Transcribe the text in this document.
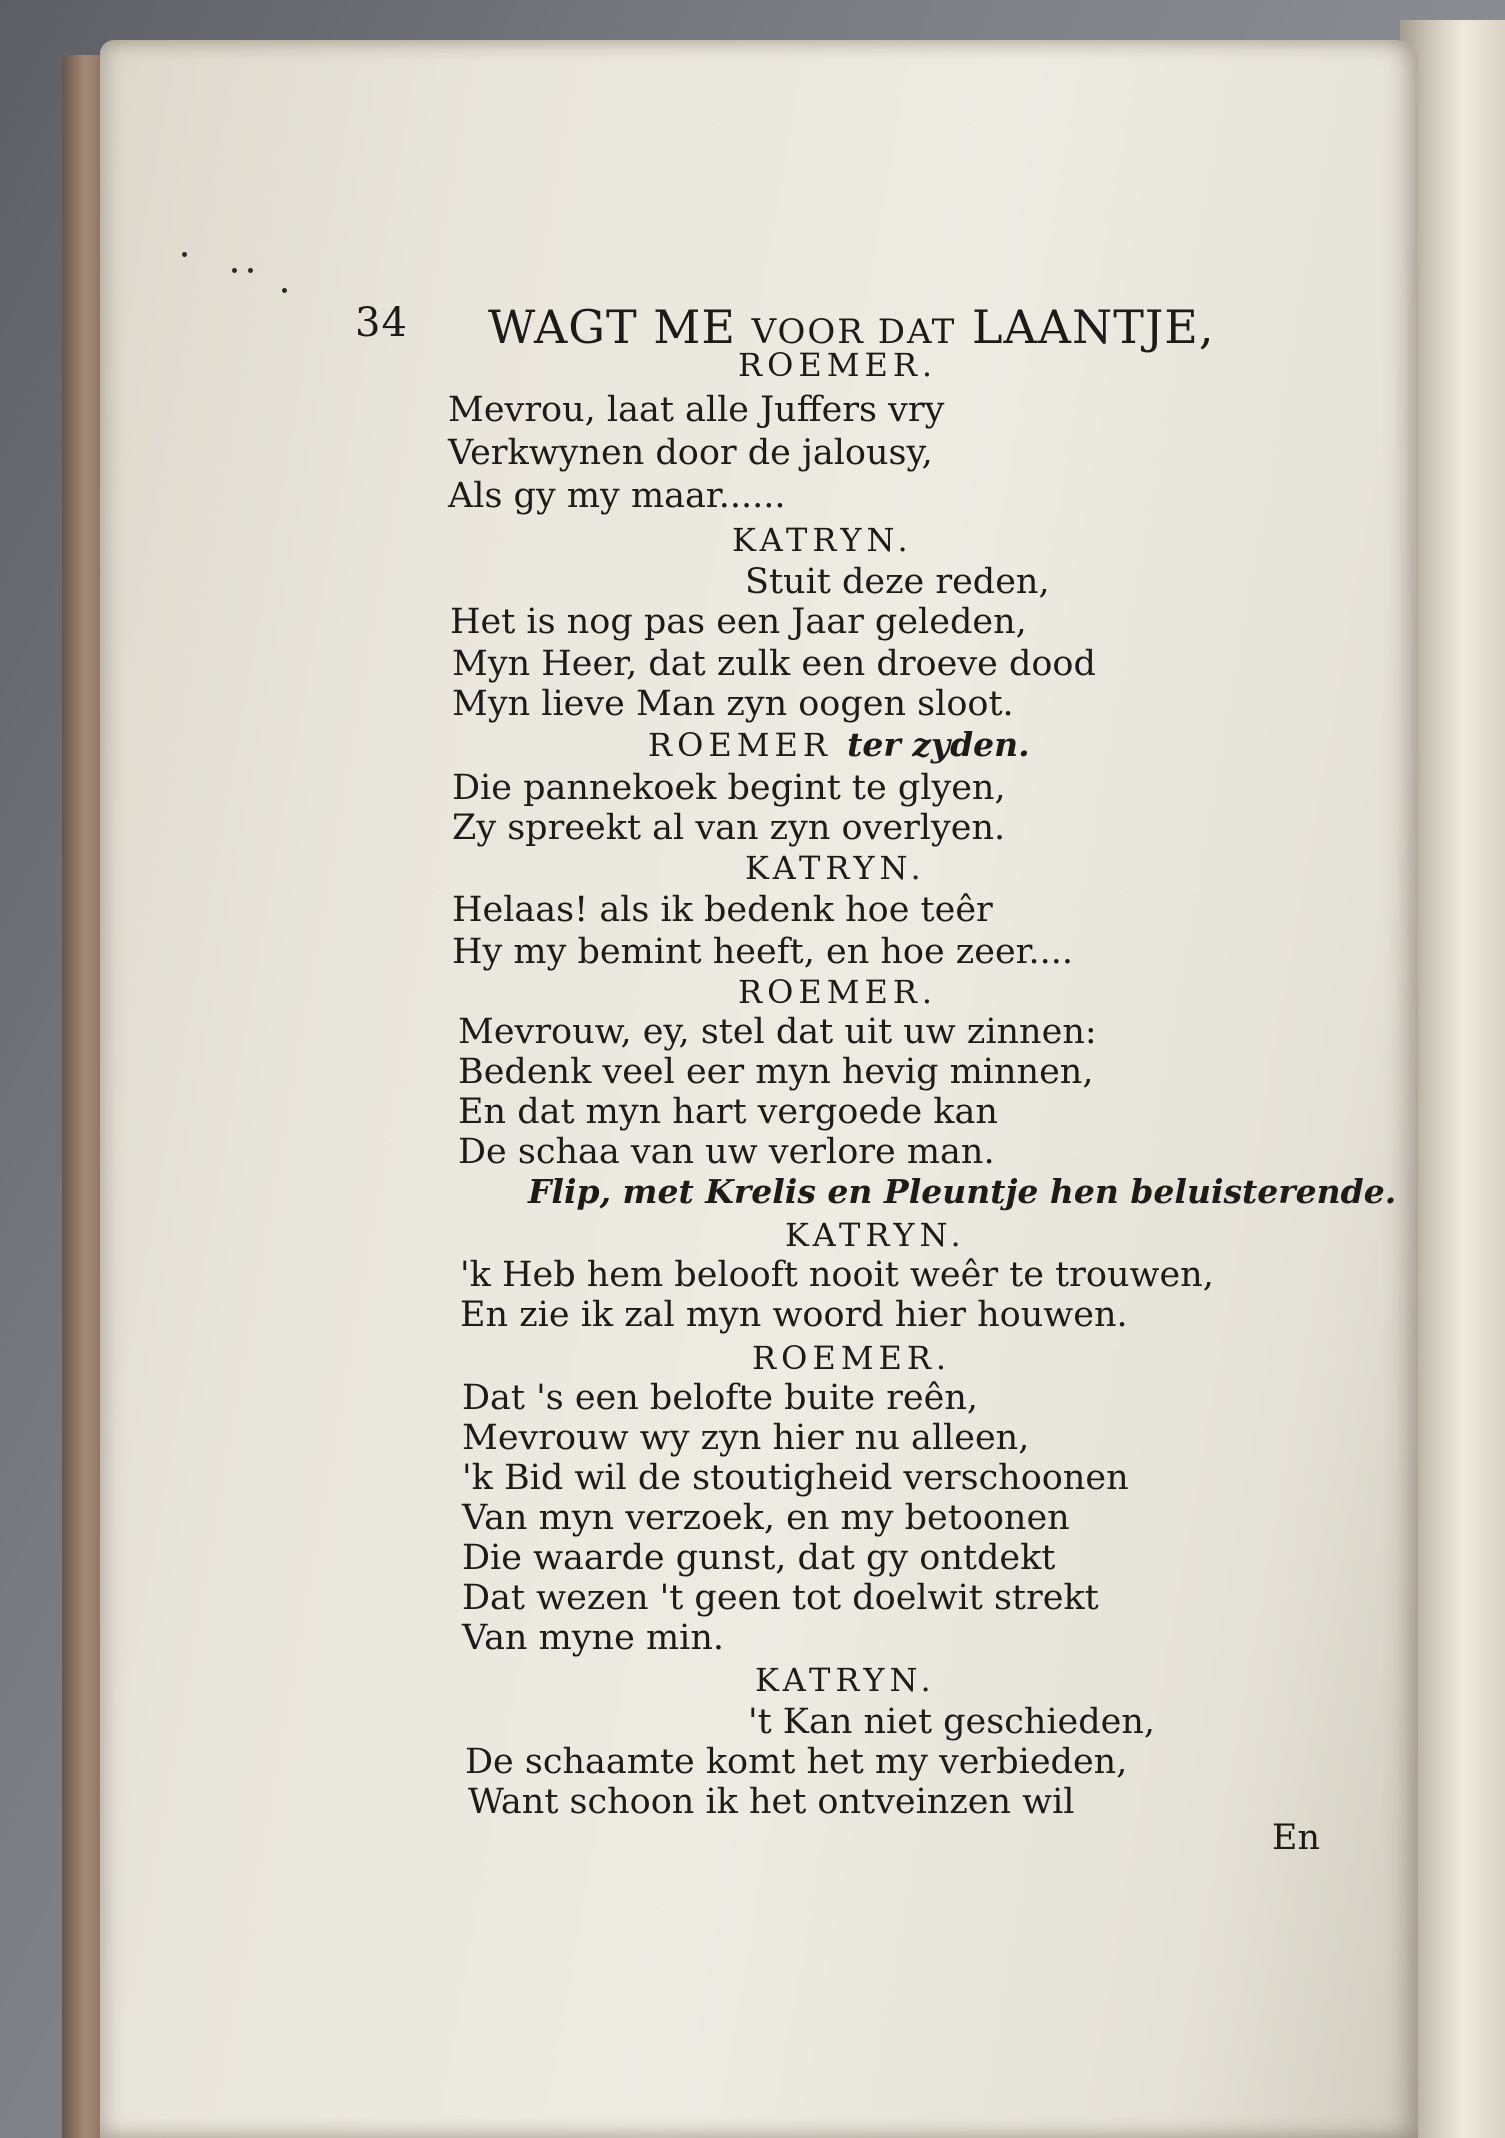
34 WAGT ME VOOR DAT LAANTJE,
ROEMER.
Mevrou, laat alle Juffers vry
Verkwynen door de jalousy,
Als gy my maar......
KATRYN.
Stuit deze reden,
Het is nog pas een Jaar geleden,
Myn Heer, dat zulk een droeve dood
Myn lieve Man zyn oogen sloot.
ROEMER ter zyden.
Die pannekoek begint te glyen,
Zy spreekt al van zyn overlyen.
KATRYN.
Helaas! als ik bedenk hoe teêr
Hy my bemint heeft, en hoe zeer....
ROEMER.
Mevrouw, ey, stel dat uit uw zinnen:
Bedenk veel eer myn hevig minnen,
En dat myn hart vergoede kan
De schaa van uw verlore man.
Flip, met Krelis en Pleuntje hen beluisterende.
KATRYN.
'k Heb hem belooft nooit weêr te trouwen,
En zie ik zal myn woord hier houwen.
ROEMER.
Dat 's een belofte buite reên,
Mevrouw wy zyn hier nu alleen,
'k Bid wil de stoutigheid verschoonen
Van myn verzoek, en my betoonen
Die waarde gunst, dat gy ontdekt
Dat wezen 't geen tot doelwit strekt
Van myne min.
KATRYN.
't Kan niet geschieden,
De schaamte komt het my verbieden,
Want schoon ik het ontveinzen wil
En
